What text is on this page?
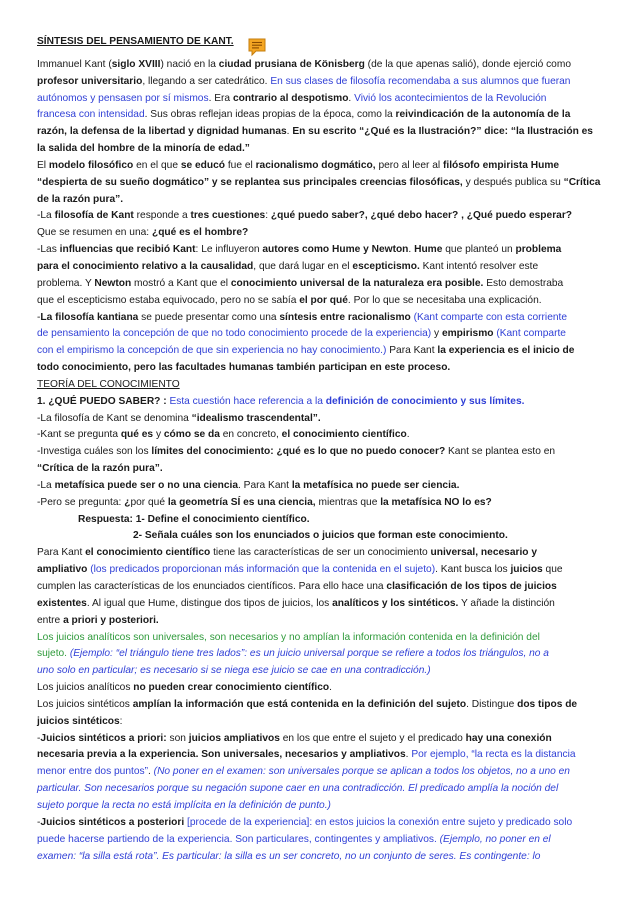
SÍNTESIS DEL PENSAMIENTO DE KANT.
Immanuel Kant (siglo XVIII) nació en la ciudad prusiana de Könisberg (de la que apenas salió), donde ejerció como
profesor universitario, llegando a ser catedrático. En sus clases de filosofía recomendaba a sus alumnos que fueran
autónomos y pensasen por sí mismos. Era contrario al despotismo. Vivió los acontecimientos de la Revolución
francesa con intensidad. Sus obras reflejan ideas propias de la época, como la reivindicación de la autonomía de la
razón, la defensa de la libertad y dignidad humanas. En su escrito “¿Qué es la Ilustración?” dice: “la Ilustración es
la salida del hombre de la minoría de edad.”
El modelo filosófico en el que se educó fue el racionalismo dogmático, pero al leer al filósofo empirista Hume
“despierta de su sueño dogmático” y se replantea sus principales creencias filosóficas, y después publica su “Crítica
de la razón pura”.
-La filosofía de Kant responde a tres cuestiones: ¿qué puedo saber?, ¿qué debo hacer? , ¿Qué puedo esperar?
Que se resumen en una: ¿qué es el hombre?
-Las influencias que recibió Kant: Le influyeron autores como Hume y Newton. Hume que planteó un problema
para el conocimiento relativo a la causalidad, que dará lugar en el escepticismo. Kant intentó resolver este
problema. Y Newton mostró a Kant que el conocimiento universal de la naturaleza era posible. Esto demostraba
que el escepticismo estaba equivocado, pero no se sabía el por qué. Por lo que se necesitaba una explicación.
-La filosofía kantiana se puede presentar como una síntesis entre racionalismo (Kant comparte con esta corriente
de pensamiento la concepción de que no todo conocimiento procede de la experiencia) y empirismo (Kant comparte
con el empirismo la concepción de que sin experiencia no hay conocimiento.) Para Kant la experiencia es el inicio de
todo conocimiento, pero las facultades humanas también participan en este proceso.
TEORÍA DEL CONOCIMIENTO
1. ¿QUÉ PUEDO SABER? : Esta cuestión hace referencia a la definición de conocimiento y sus límites.
-La filosofía de Kant se denomina “idealismo trascendental”.
-Kant se pregunta qué es y cómo se da en concreto, el conocimiento científico.
-Investiga cuáles son los límites del conocimiento: ¿qué es lo que no puedo conocer? Kant se plantea esto en
“Crítica de la razón pura”.
-La metafísica puede ser o no una ciencia. Para Kant la metafísica no puede ser ciencia.
-Pero se pregunta: ¿por qué la geometría SÍ es una ciencia, mientras que la metafísica NO lo es?
Respuesta: 1- Define el conocimiento científico.
2- Señala cuáles son los enunciados o juicios que forman este conocimiento.
Para Kant el conocimiento científico tiene las características de ser un conocimiento universal, necesario y
ampliativo (los predicados proporcionan más información que la contenida en el sujeto). Kant busca los juicios que
cumplen las características de los enunciados científicos. Para ello hace una clasificación de los tipos de juicios
existentes. Al igual que Hume, distingue dos tipos de juicios, los analíticos y los sintéticos. Y añade la distinción
entre a priori y posteriori.
Los juicios analíticos son universales, son necesarios y no amplían la información contenida en la definición del
sujeto. (Ejemplo: “el triángulo tiene tres lados”: es un juicio universal porque se refiere a todos los triángulos, no a
uno solo en particular; es necesario si se niega ese juicio se cae en una contradicción.)
Los juicios analíticos no pueden crear conocimiento científico.
Los juicios sintéticos amplían la información que está contenida en la definición del sujeto. Distingue dos tipos de
juicios sintéticos:
-Juicios sintéticos a priori: son juicios ampliativos en los que entre el sujeto y el predicado hay una conexión
necesaria previa a la experiencia. Son universales, necesarios y ampliativos. Por ejemplo, “la recta es la distancia
menor entre dos puntos”. (No poner en el examen: son universales porque se aplican a todos los objetos, no a uno en
particular. Son necesarios porque su negación supone caer en una contradicción. El predicado amplía la noción del
sujeto porque la recta no está implícita en la definición de punto.)
-Juicios sintéticos a posteriori [procede de la experiencia]: en estos juicios la conexión entre sujeto y predicado solo
puede hacerse partiendo de la experiencia. Son particulares, contingentes y ampliativos. (Ejemplo, no poner en el
examen: “la silla está rota”. Es particular: la silla es un ser concreto, no un conjunto de seres. Es contingente: lo
